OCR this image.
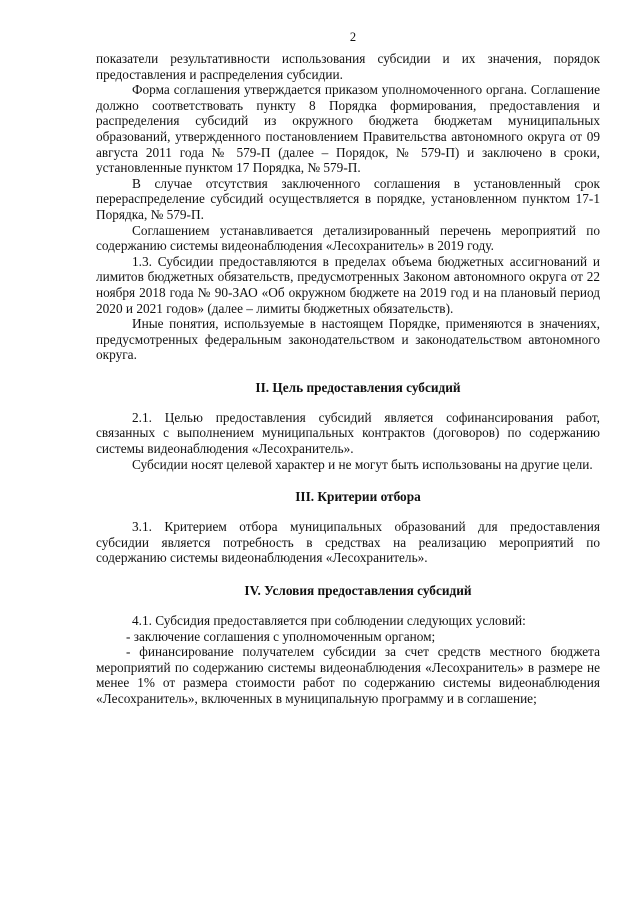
2

показатели результативности использования субсидии и их значения, порядок предоставления и распределения субсидии.

Форма соглашения утверждается приказом уполномоченного органа. Соглашение должно соответствовать пункту 8 Порядка формирования, предоставления и распределения субсидий из окружного бюджета бюджетам муниципальных образований, утвержденного постановлением Правительства автономного округа от 09 августа 2011 года № 579-П (далее – Порядок, № 579-П) и заключено в сроки, установленные пунктом 17 Порядка, № 579-П.

В случае отсутствия заключенного соглашения в установленный срок перераспределение субсидий осуществляется в порядке, установленном пунктом 17-1 Порядка, № 579-П.

Соглашением устанавливается детализированный перечень мероприятий по содержанию системы видеонаблюдения «Лесохранитель» в 2019 году.

1.3. Субсидии предоставляются в пределах объема бюджетных ассигнований и лимитов бюджетных обязательств, предусмотренных Законом автономного округа от 22 ноября 2018 года № 90-ЗАО «Об окружном бюджете на 2019 год и на плановый период 2020 и 2021 годов» (далее – лимиты бюджетных обязательств).

Иные понятия, используемые в настоящем Порядке, применяются в значениях, предусмотренных федеральным законодательством и законодательством автономного округа.

II. Цель предоставления субсидий

2.1. Целью предоставления субсидий является софинансирования работ, связанных с выполнением муниципальных контрактов (договоров) по содержанию системы видеонаблюдения «Лесохранитель».

Субсидии носят целевой характер и не могут быть использованы на другие цели.

III. Критерии отбора

3.1. Критерием отбора муниципальных образований для предоставления субсидии является потребность в средствах на реализацию мероприятий по содержанию системы видеонаблюдения «Лесохранитель».

IV. Условия предоставления субсидий

4.1. Субсидия предоставляется при соблюдении следующих условий:

- заключение соглашения с уполномоченным органом;

- финансирование получателем субсидии за счет средств местного бюджета мероприятий по содержанию системы видеонаблюдения «Лесохранитель» в размере не менее 1% от размера стоимости работ по содержанию системы видеонаблюдения «Лесохранитель», включенных в муниципальную программу и в соглашение;
